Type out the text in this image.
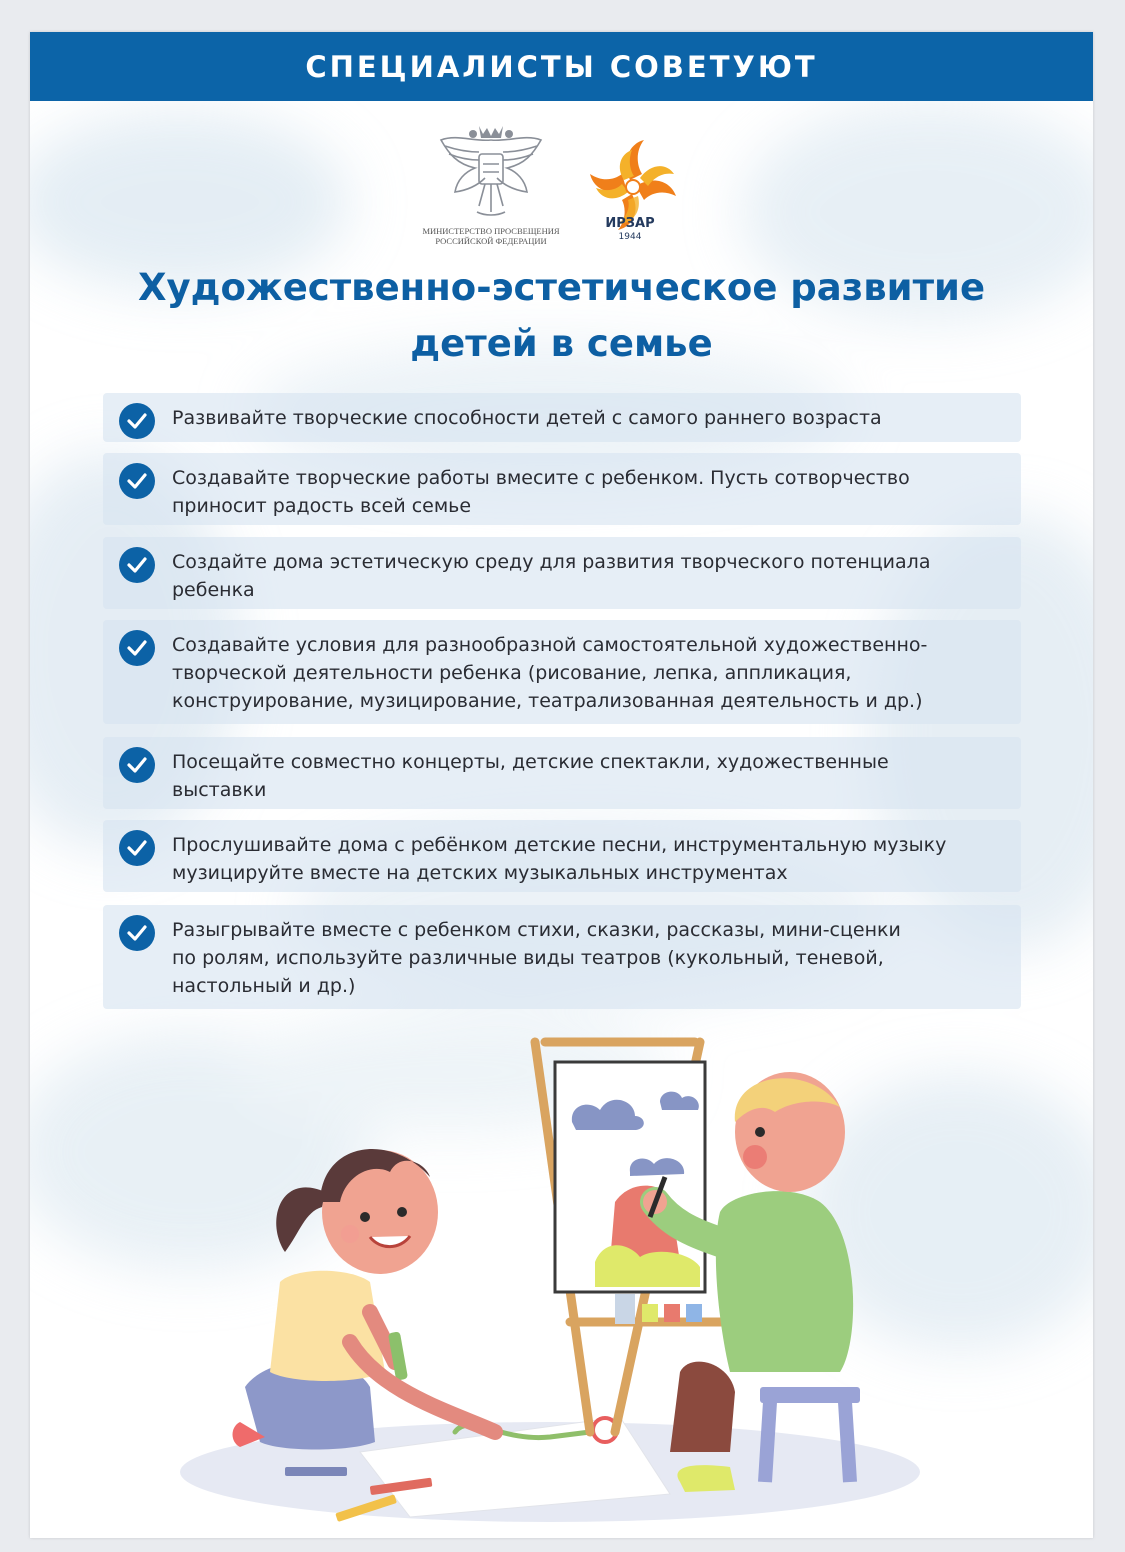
СПЕЦИАЛИСТЫ СОВЕТУЮТ
МИНИСТЕРСТВО ПРОСВЕЩЕНИЯ
РОССИЙСКОЙ ФЕДЕРАЦИИ
ИРЗАР
1944
Художественно-эстетическое развитие
детей в семье
Развивайте творческие способности детей с самого раннего возраста
Создавайте творческие работы вмесите с ребенком. Пусть сотворчество
приносит радость всей семье
Создайте дома эстетическую среду для развития творческого потенциала
ребенка
Создавайте условия для разнообразной самостоятельной художественно-
творческой деятельности ребенка (рисование, лепка, аппликация,
конструирование, музицирование, театрализованная деятельность и др.)
Посещайте совместно концерты, детские спектакли, художественные
выставки
Прослушивайте дома с ребёнком детские песни, инструментальную музыку
музицируйте вместе на детских музыкальных инструментах
Разыгрывайте вместе с ребенком стихи, сказки, рассказы, мини-сценки
по ролям, используйте различные виды театров (кукольный, теневой,
настольный и др.)
